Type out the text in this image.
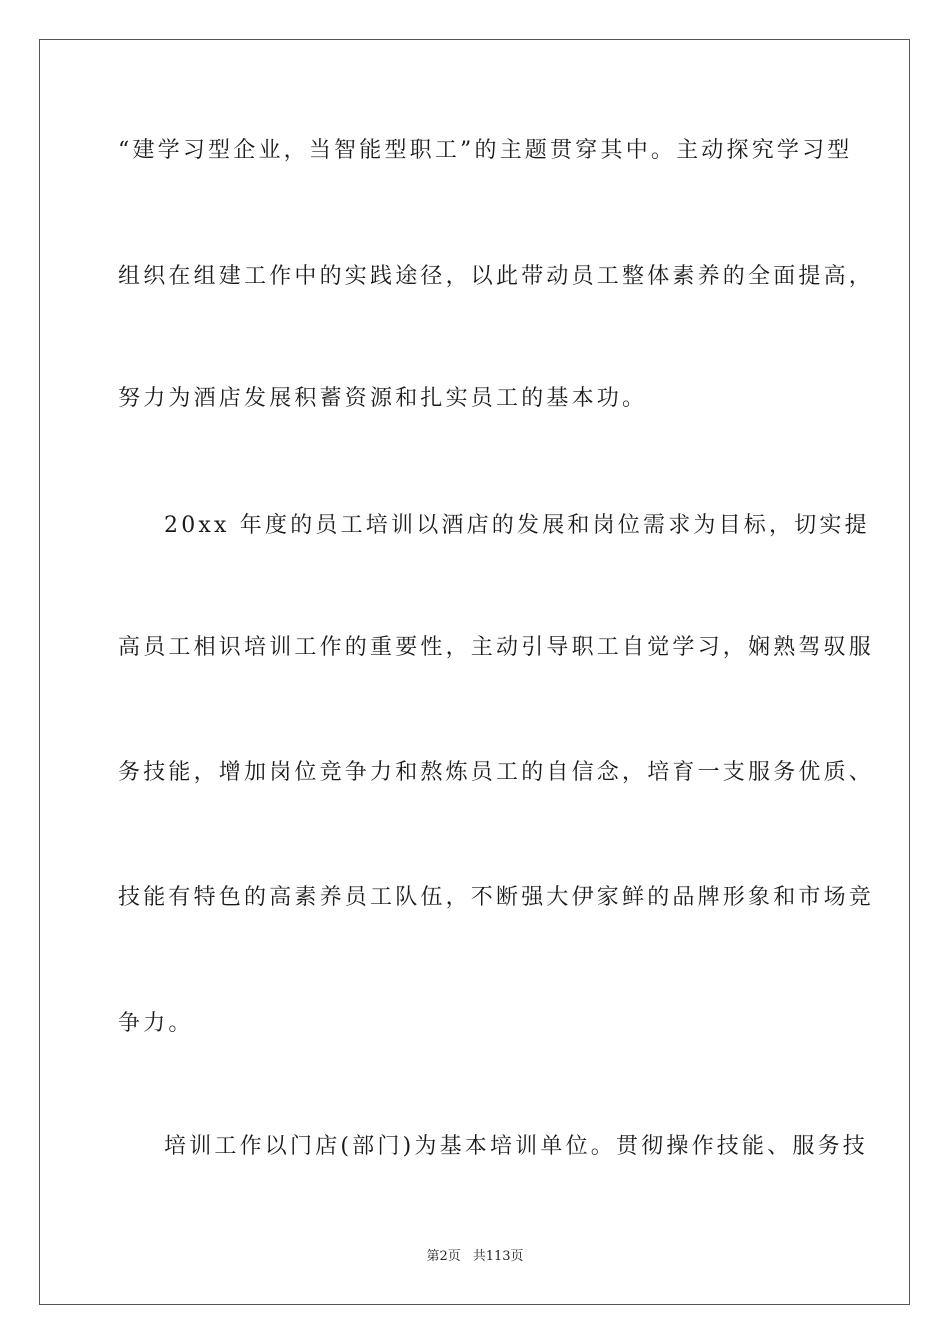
“建学习型企业，当智能型职工”的主题贯穿其中。主动探究学习型
组织在组建工作中的实践途径，以此带动员工整体素养的全面提高，
努力为酒店发展积蓄资源和扎实员工的基本功。
20xx 年度的员工培训以酒店的发展和岗位需求为目标，切实提
高员工相识培训工作的重要性，主动引导职工自觉学习，娴熟驾驭服
务技能，增加岗位竞争力和熬炼员工的自信念，培育一支服务优质、
技能有特色的高素养员工队伍，不断强大伊家鲜的品牌形象和市场竞
争力。
培训工作以门店(部门)为基本培训单位。贯彻操作技能、服务技
第2页 共113页
